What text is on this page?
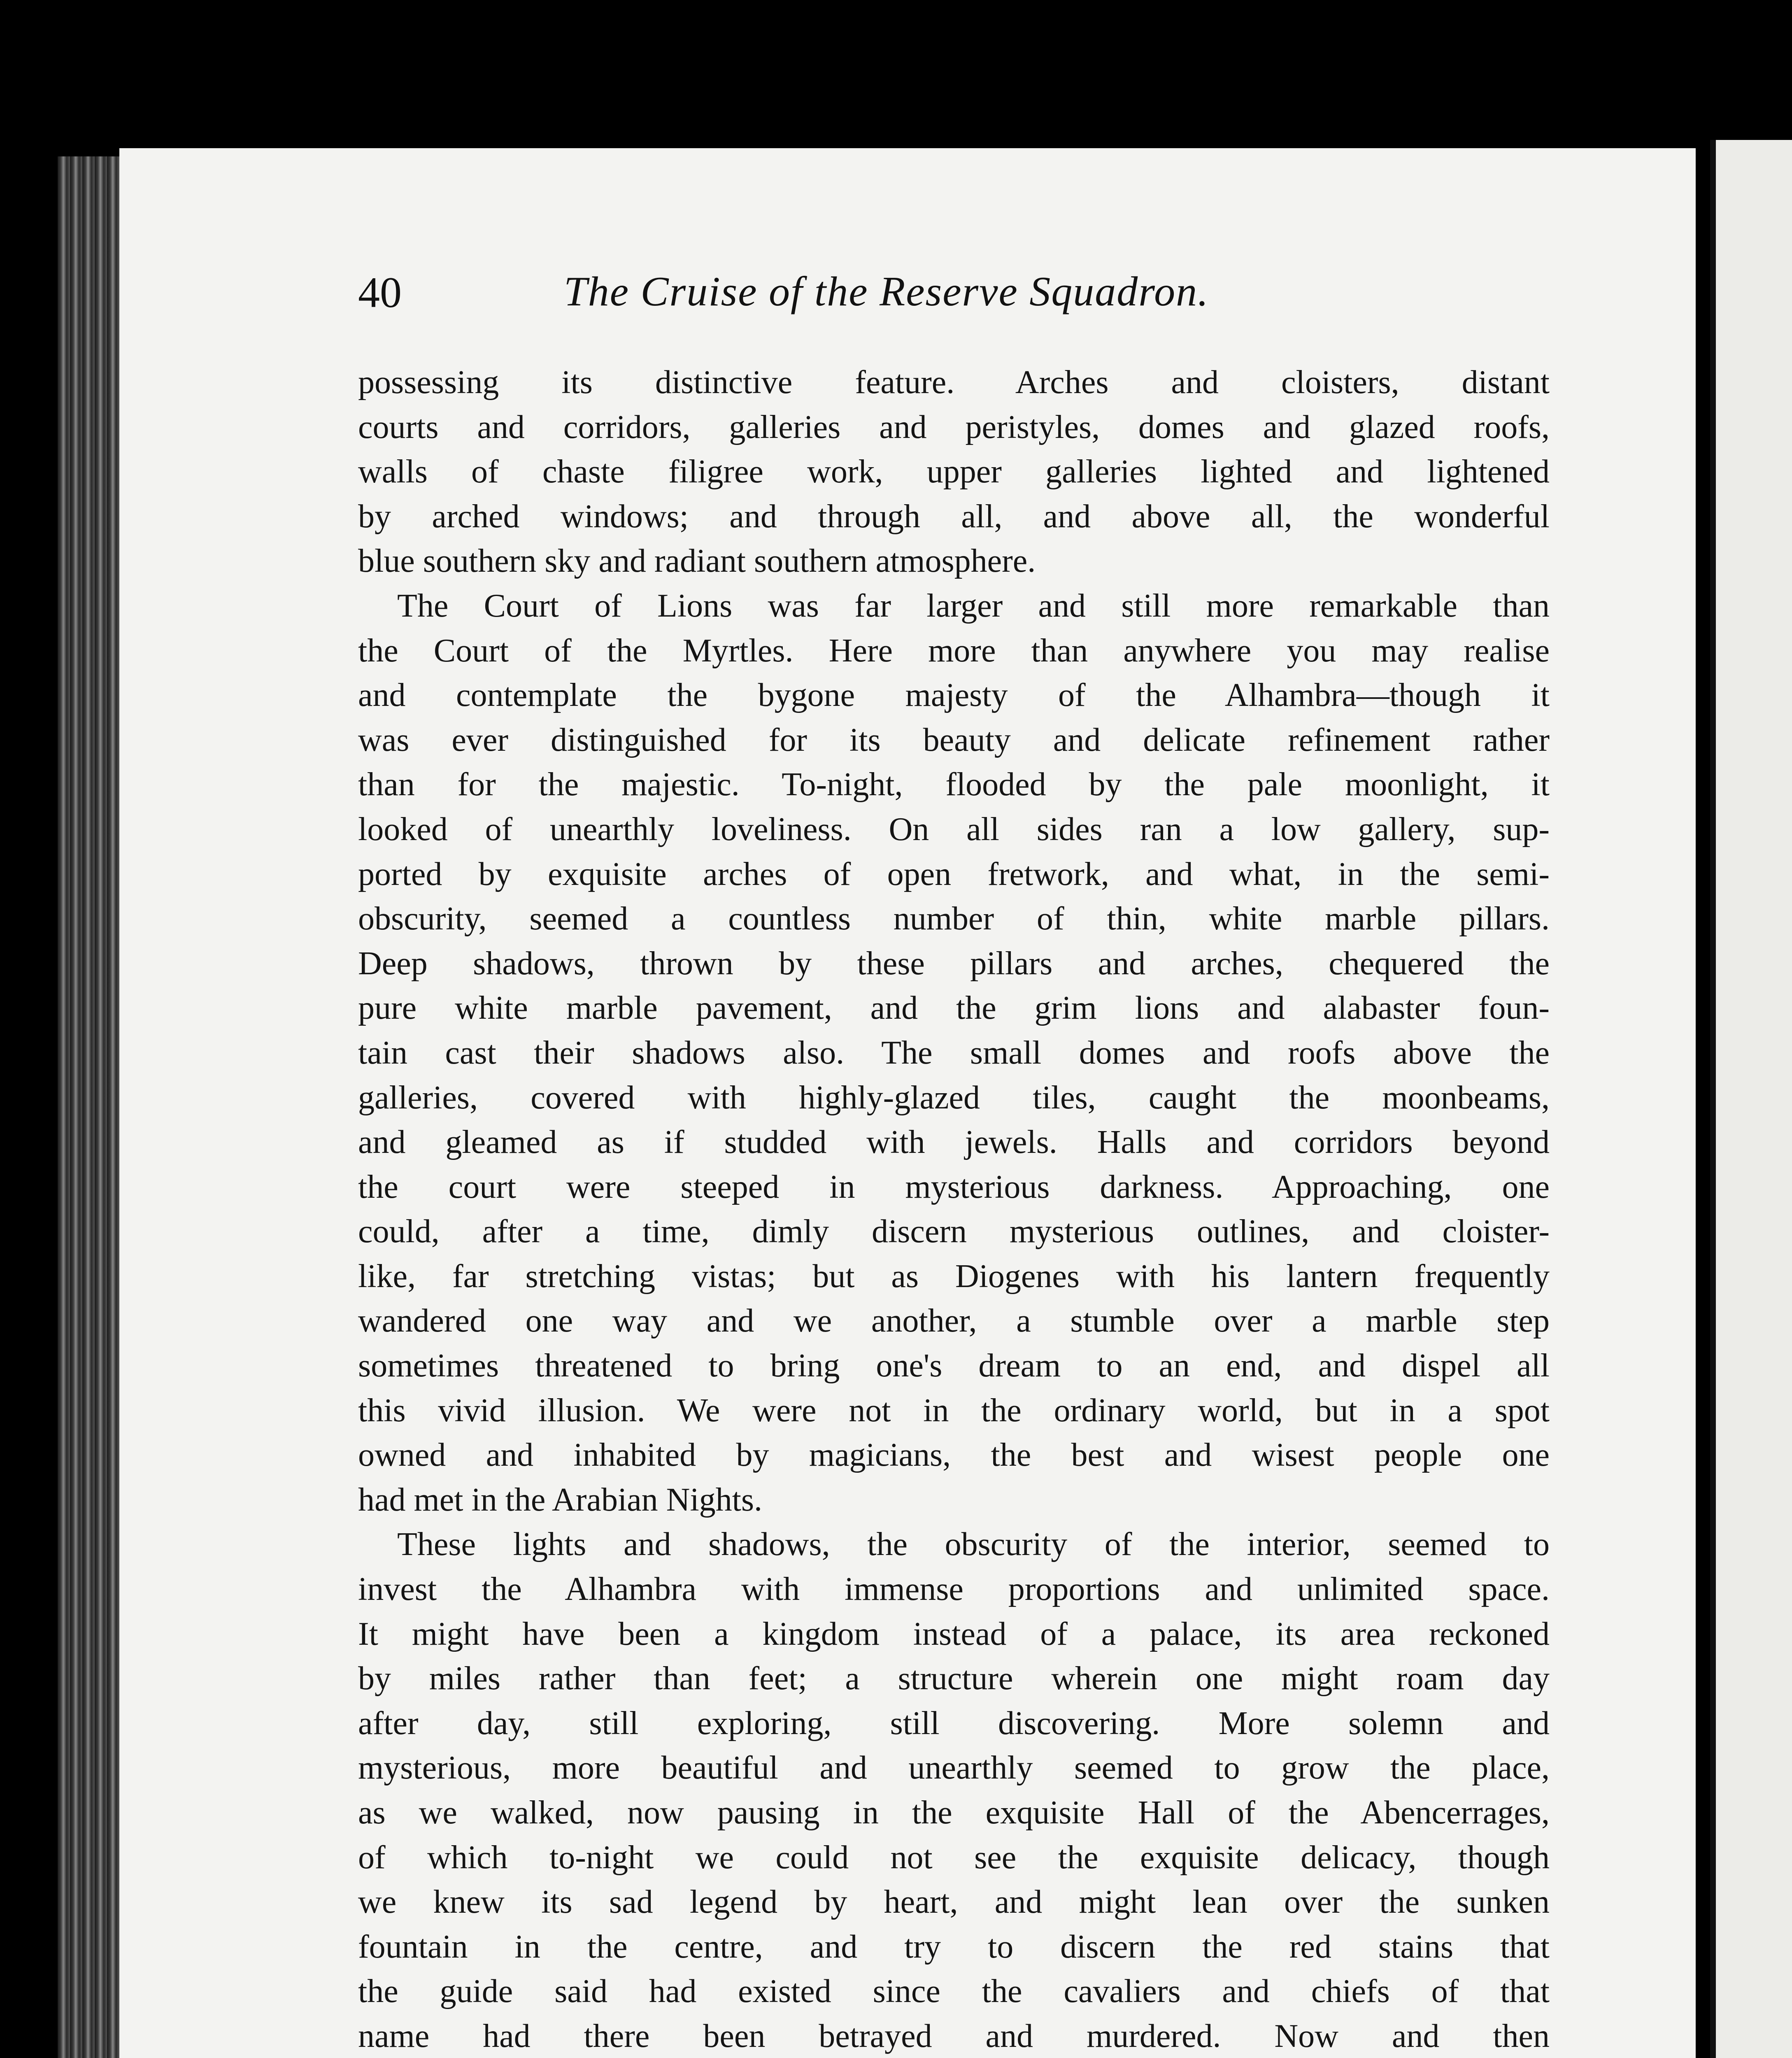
40	The Cruise of the Reserve Squadron.
possessing its distinctive feature. Arches and cloisters, distant
courts and corridors, galleries and peristyles, domes and glazed roofs,
walls of chaste filigree work, upper galleries lighted and lightened
by arched windows; and through all, and above all, the wonderful
blue southern sky and radiant southern atmosphere.
The Court of Lions was far larger and still more remarkable than
the Court of the Myrtles. Here more than anywhere you may realise
and contemplate the bygone majesty of the Alhambra—though it
was ever distinguished for its beauty and delicate refinement rather
than for the majestic. To-night, flooded by the pale moonlight, it
looked of unearthly loveliness. On all sides ran a low gallery, sup-
ported by exquisite arches of open fretwork, and what, in the semi-
obscurity, seemed a countless number of thin, white marble pillars.
Deep shadows, thrown by these pillars and arches, chequered the
pure white marble pavement, and the grim lions and alabaster foun-
tain cast their shadows also. The small domes and roofs above the
galleries, covered with highly-glazed tiles, caught the moonbeams,
and gleamed as if studded with jewels. Halls and corridors beyond
the court were steeped in mysterious darkness. Approaching, one
could, after a time, dimly discern mysterious outlines, and cloister-
like, far stretching vistas; but as Diogenes with his lantern frequently
wandered one way and we another, a stumble over a marble step
sometimes threatened to bring one's dream to an end, and dispel all
this vivid illusion. We were not in the ordinary world, but in a spot
owned and inhabited by magicians, the best and wisest people one
had met in the Arabian Nights.
These lights and shadows, the obscurity of the interior, seemed to
invest the Alhambra with immense proportions and unlimited space.
It might have been a kingdom instead of a palace, its area reckoned
by miles rather than feet; a structure wherein one might roam day
after day, still exploring, still discovering. More solemn and
mysterious, more beautiful and unearthly seemed to grow the place,
as we walked, now pausing in the exquisite Hall of the Abencerrages,
of which to-night we could not see the exquisite delicacy, though
we knew its sad legend by heart, and might lean over the sunken
fountain in the centre, and try to discern the red stains that
the guide said had existed since the cavaliers and chiefs of that
name had there been betrayed and murdered. Now and then
